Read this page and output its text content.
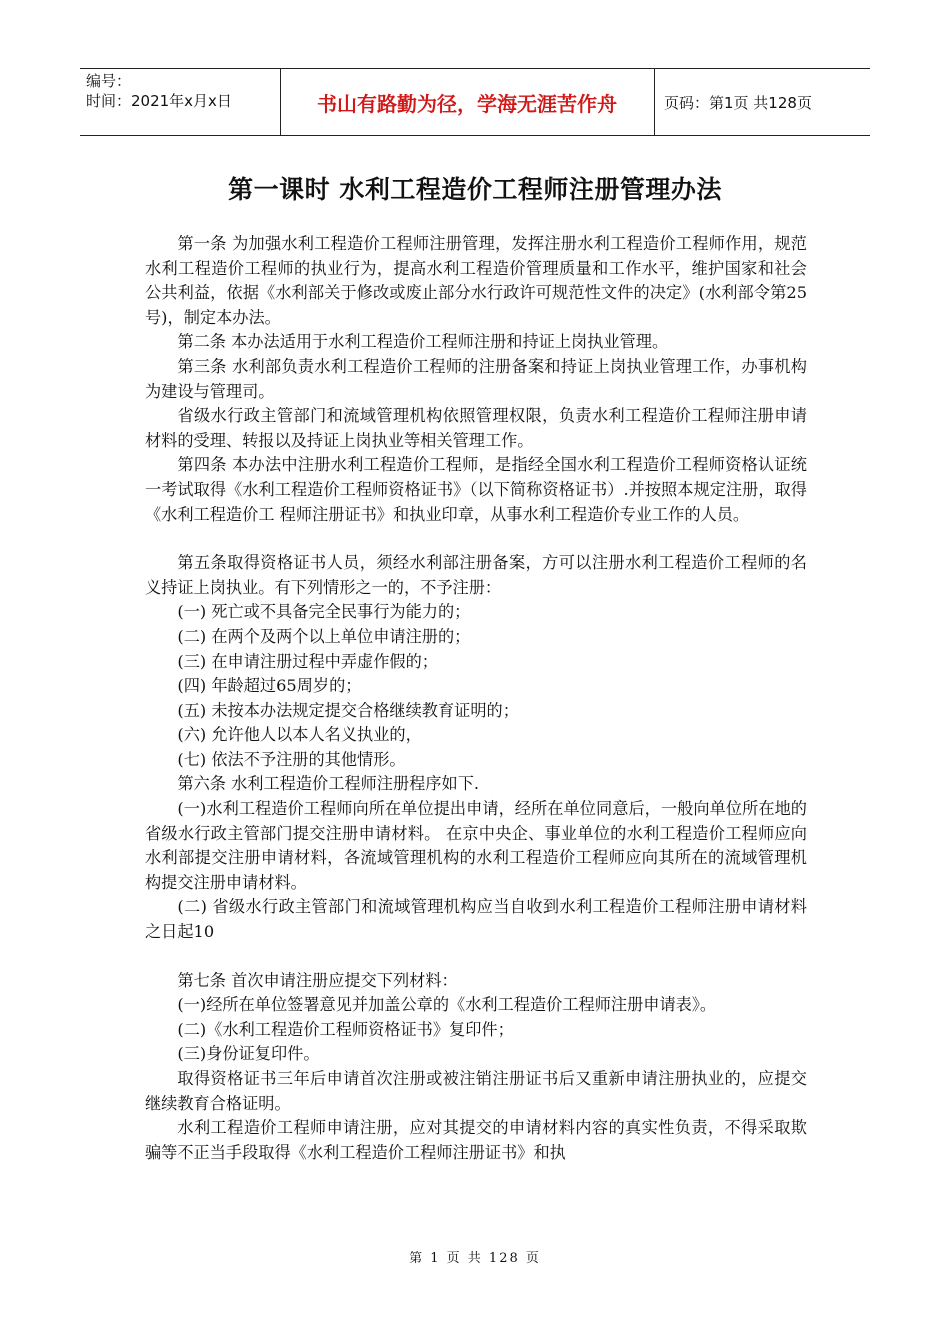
编号：
时间：2021年x月x日	书山有路勤为径，学海无涯苦作舟	页码：第1页 共128页
第一课时 水利工程造价工程师注册管理办法

第一条 为加强水利工程造价工程师注册管理，发挥注册水利工程造价工程师作用，规范水利工程造价工程师的执业行为，提高水利工程造价管理质量和工作水平，维护国家和社会公共利益，依据《水利部关于修改或废止部分水行政许可规范性文件的决定》(水利部令第25号)，制定本办法。

第二条 本办法适用于水利工程造价工程师注册和持证上岗执业管理。

第三条 水利部负责水利工程造价工程师的注册备案和持证上岗执业管理工作，办事机构为建设与管理司。

省级水行政主管部门和流域管理机构依照管理权限，负责水利工程造价工程师注册申请材料的受理、转报以及持证上岗执业等相关管理工作。

第四条 本办法中注册水利工程造价工程师，是指经全国水利工程造价工程师资格认证统一考试取得《水利工程造价工程师资格证书》（以下简称资格证书）.并按照本规定注册，取得《水利工程造价工 程师注册证书》和执业印章，从事水利工程造价专业工作的人员。

第五条取得资格证书人员，须经水利部注册备案，方可以注册水利工程造价工程师的名义持证上岗执业。有下列情形之一的，不予注册：

(一) 死亡或不具备完全民事行为能力的；

(二) 在两个及两个以上单位申请注册的；

(三) 在申请注册过程中弄虚作假的；

(四) 年龄超过65周岁的；

(五) 未按本办法规定提交合格继续教育证明的；

(六) 允许他人以本人名义执业的，

(七) 依法不予注册的其他情形。

第六条 水利工程造价工程师注册程序如下.

(一)水利工程造价工程师向所在单位提出申请，经所在单位同意后，一般向单位所在地的省级水行政主管部门提交注册申请材料。 在京中央企、事业单位的水利工程造价工程师应向水利部提交注册申请材料，各流域管理机构的水利工程造价工程师应向其所在的流域管理机构提交注册申请材料。

(二) 省级水行政主管部门和流域管理机构应当自收到水利工程造价工程师注册申请材料之日起10

第七条 首次申请注册应提交下列材料：

(一)经所在单位签署意见并加盖公章的《水利工程造价工程师注册申请表》。

(二)《水利工程造价工程师资格证书》复印件；

(三)身份证复印件。

取得资格证书三年后申请首次注册或被注销注册证书后又重新申请注册执业的，应提交继续教育合格证明。

水利工程造价工程师申请注册，应对其提交的申请材料内容的真实性负责，不得采取欺骗等不正当手段取得《水利工程造价工程师注册证书》和执

第 1 页 共 128 页
